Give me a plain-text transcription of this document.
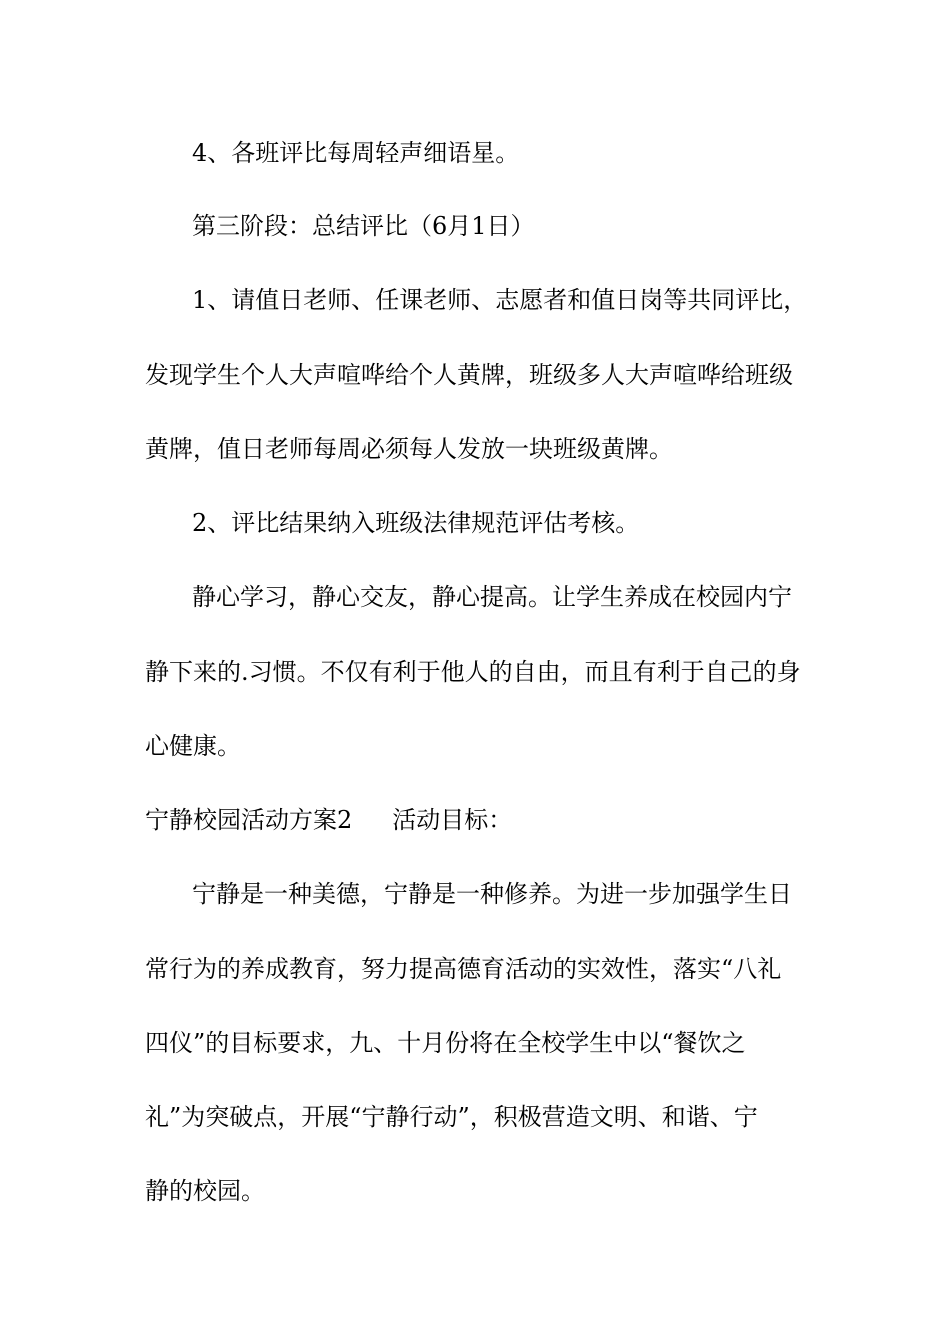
4、各班评比每周轻声细语星。
第三阶段：总结评比（6月1日）
1、请值日老师、任课老师、志愿者和值日岗等共同评比，
发现学生个人大声喧哗给个人黄牌，班级多人大声喧哗给班级
黄牌，值日老师每周必须每人发放一块班级黄牌。
2、评比结果纳入班级法律规范评估考核。
静心学习，静心交友，静心提高。让学生养成在校园内宁
静下来的.习惯。不仅有利于他人的自由，而且有利于自己的身
心健康。
宁静校园活动方案2 活动目标：
宁静是一种美德，宁静是一种修养。为进一步加强学生日
常行为的养成教育，努力提高德育活动的实效性，落实“八礼
四仪”的目标要求，九、十月份将在全校学生中以“餐饮之
礼”为突破点，开展“宁静行动”，积极营造文明、和谐、宁
静的校园。
